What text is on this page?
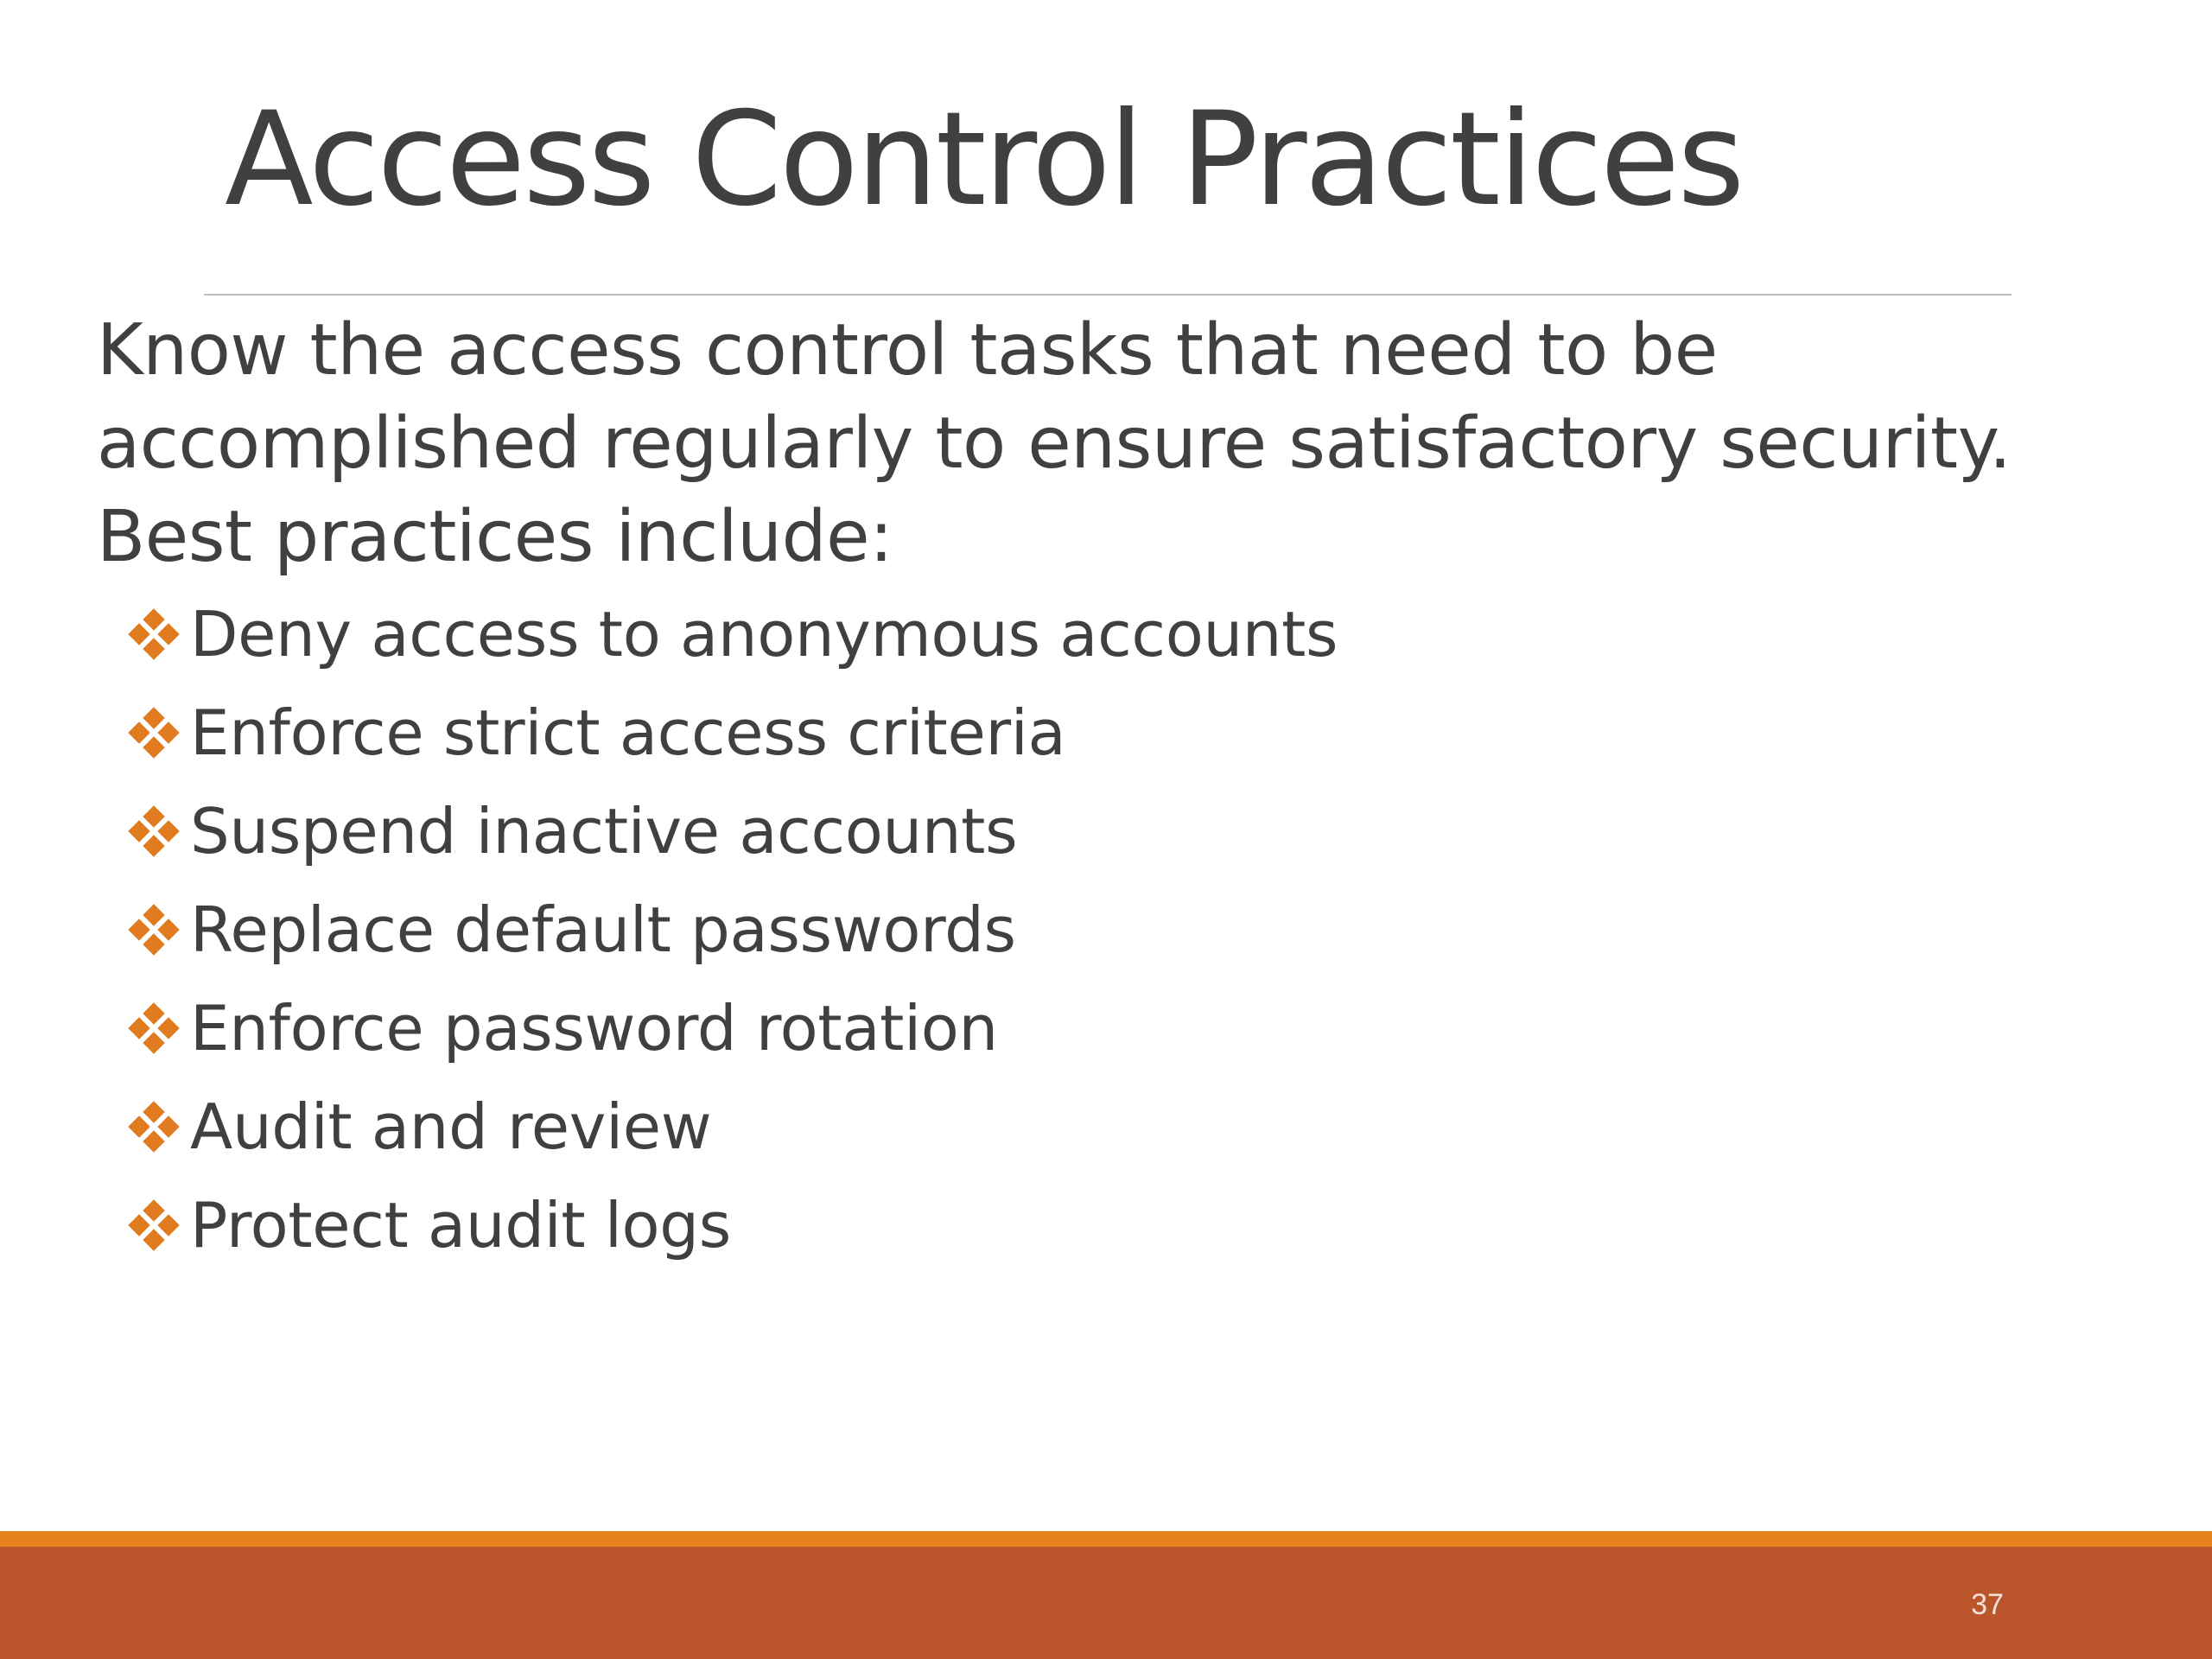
Access Control Practices

Know the access control tasks that need to be accomplished regularly to ensure satisfactory security. Best practices include:

Deny access to anonymous accounts
Enforce strict access criteria
Suspend inactive accounts
Replace default passwords
Enforce password rotation
Audit and review
Protect audit logs
37
